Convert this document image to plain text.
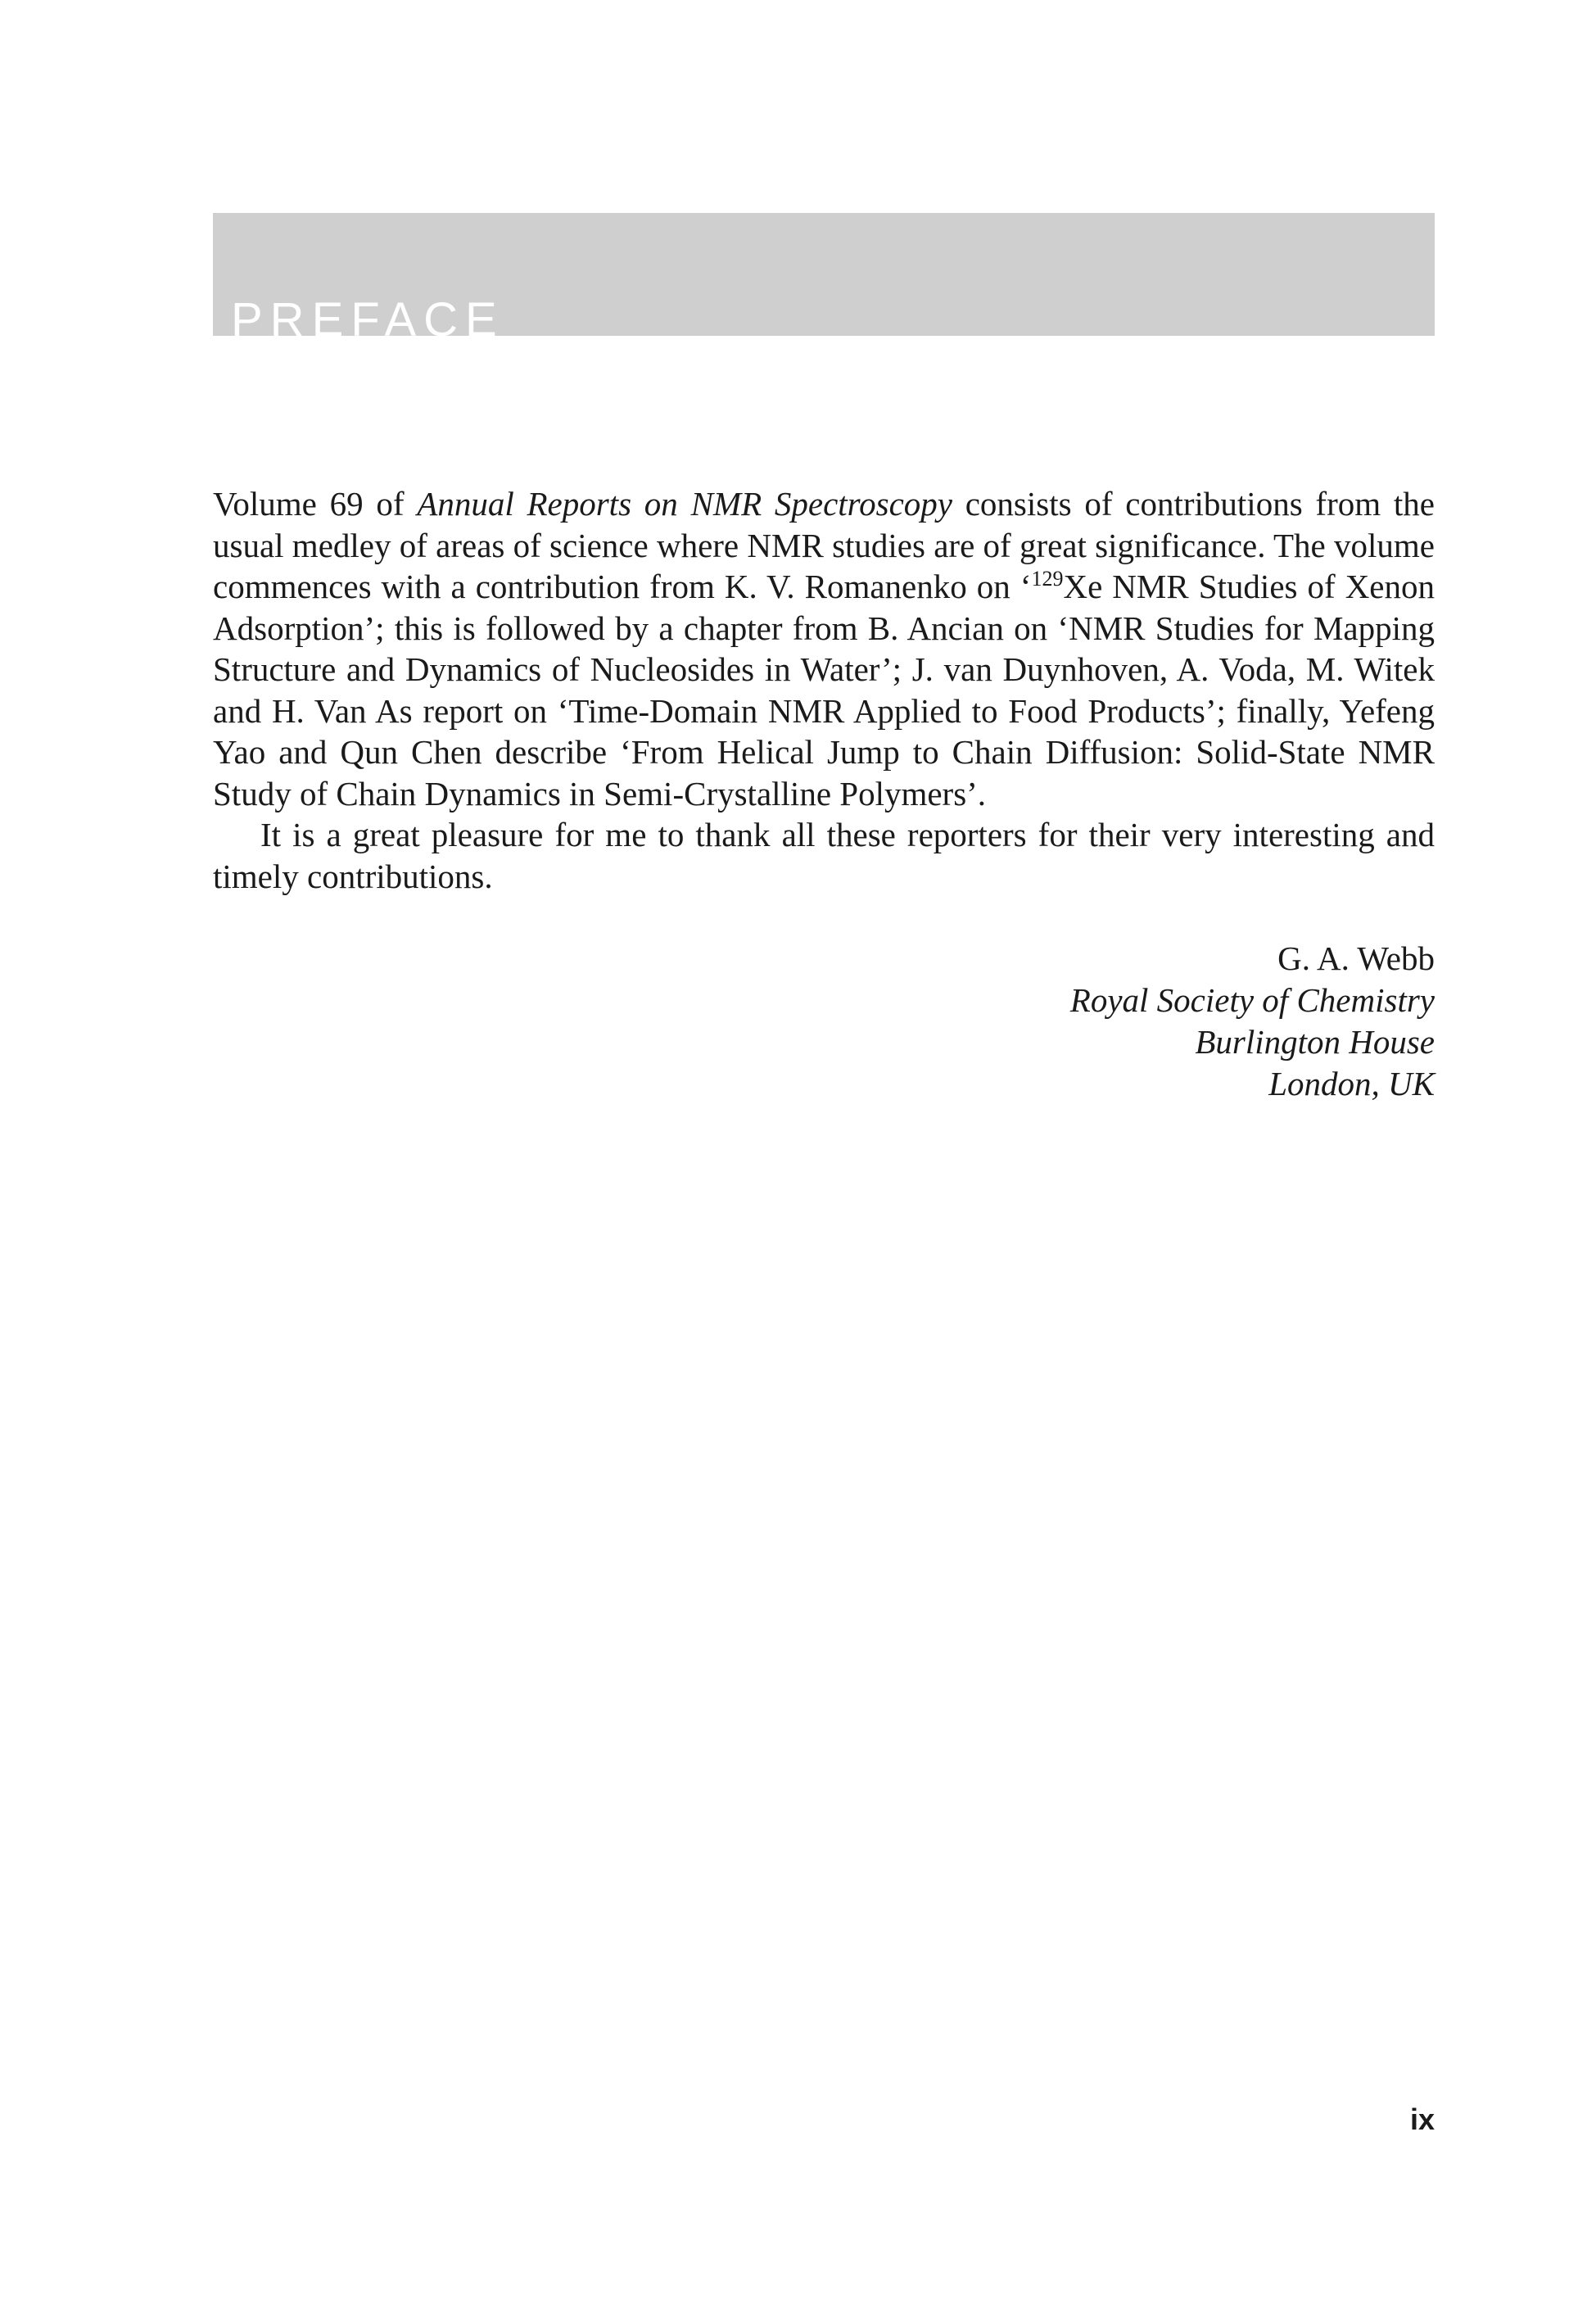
PREFACE

Volume 69 of Annual Reports on NMR Spectroscopy consists of contributions from the usual medley of areas of science where NMR studies are of great significance. The volume commences with a contribution from K. V. Romanenko on ‘$^{129}$Xe NMR Studies of Xenon Adsorption’; this is followed by a chapter from B. Ancian on ‘NMR Studies for Mapping Structure and Dynamics of Nucleosides in Water’; J. van Duynhoven, A. Voda, M. Witek and H. Van As report on ‘Time-Domain NMR Applied to Food Products’; finally, Yefeng Yao and Qun Chen describe ‘From Helical Jump to Chain Diffusion: Solid-State NMR Study of Chain Dynamics in Semi-Crystalline Polymers’.

It is a great pleasure for me to thank all these reporters for their very interesting and timely contributions.

G. A. Webb
Royal Society of Chemistry
Burlington House
London, UK
ix
